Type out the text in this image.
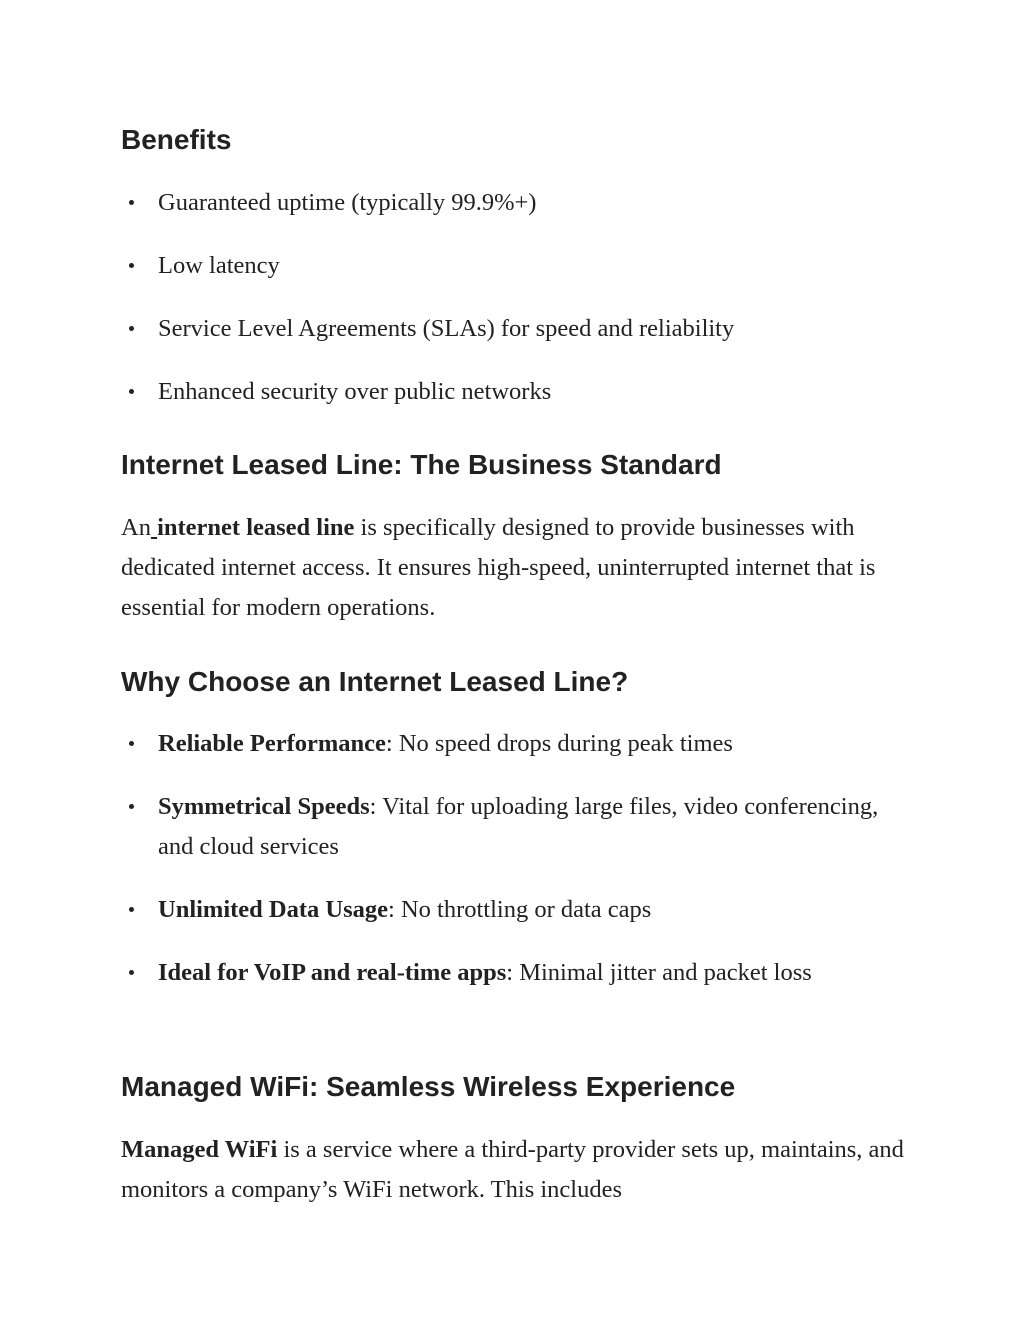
Benefits
Guaranteed uptime (typically 99.9%+)
Low latency
Service Level Agreements (SLAs) for speed and reliability
Enhanced security over public networks
Internet Leased Line: The Business Standard

An internet leased line is specifically designed to provide businesses with dedicated internet access. It ensures high-speed, uninterrupted internet that is essential for modern operations.

Why Choose an Internet Leased Line?
Reliable Performance: No speed drops during peak times
Symmetrical Speeds: Vital for uploading large files, video conferencing, and cloud services
Unlimited Data Usage: No throttling or data caps
Ideal for VoIP and real-time apps: Minimal jitter and packet loss
Managed WiFi: Seamless Wireless Experience

Managed WiFi is a service where a third-party provider sets up, maintains, and monitors a company’s WiFi network. This includes
